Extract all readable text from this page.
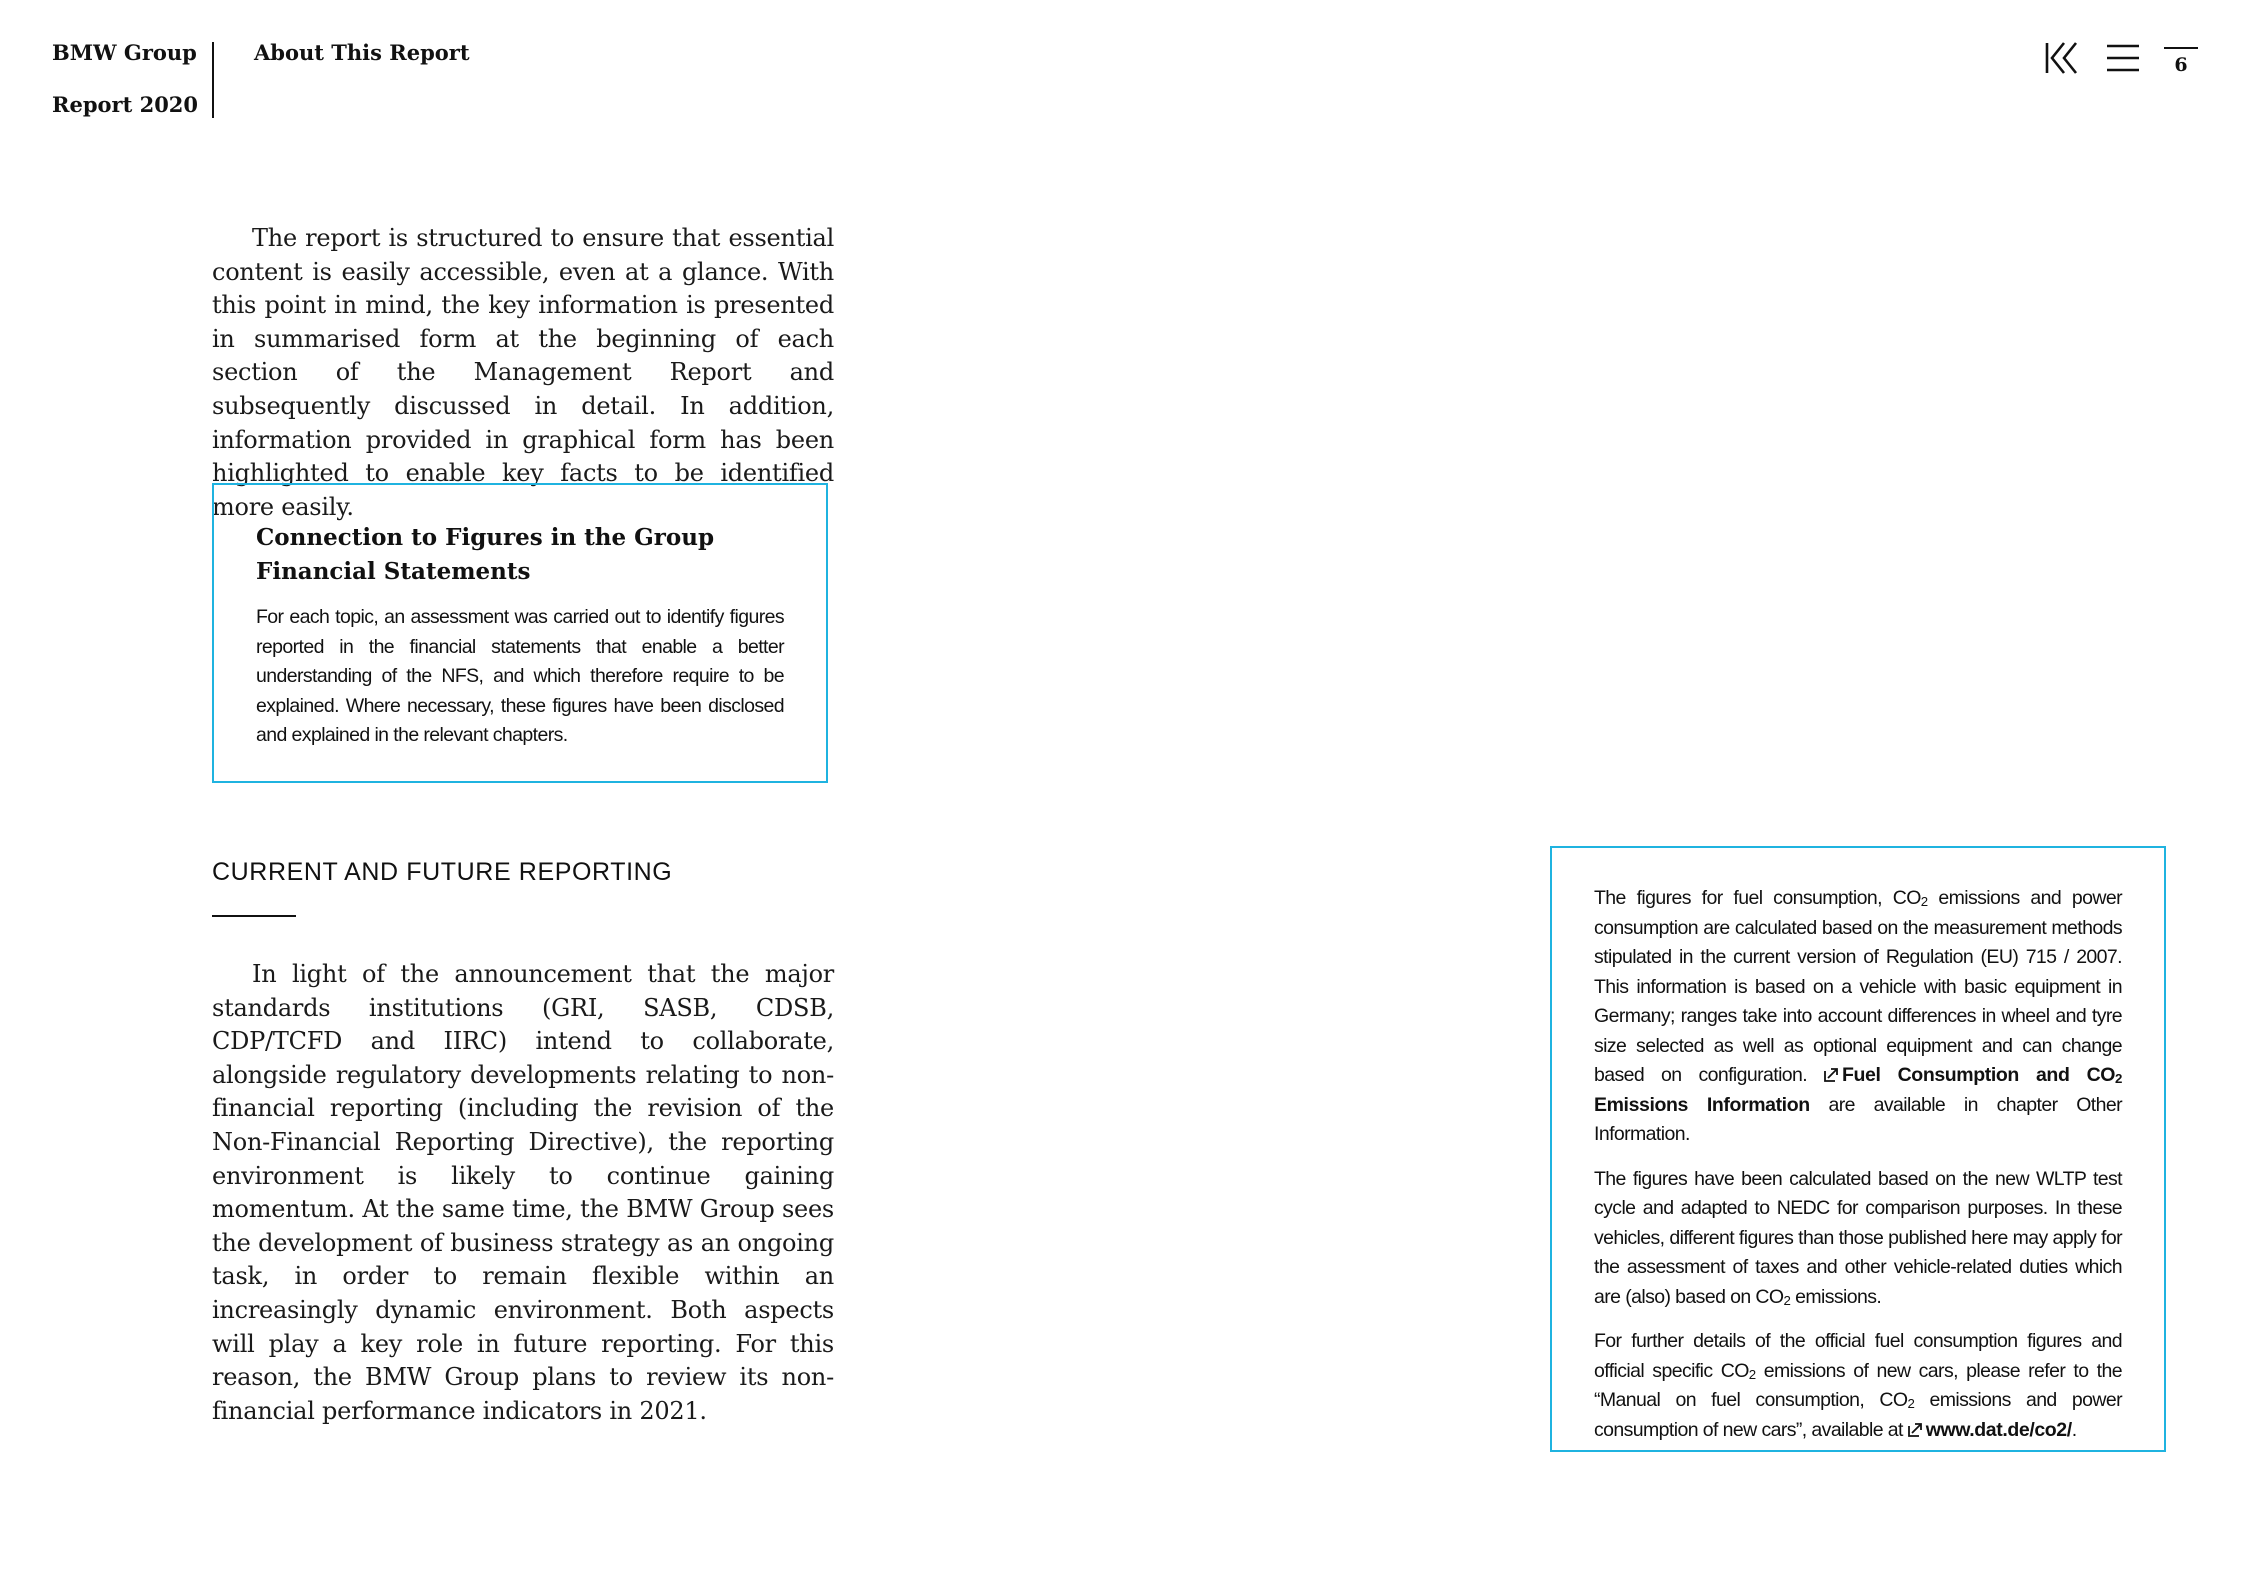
BMW Group
Report 2020
About This Report	6

The report is structured to ensure that essential content is easily accessible, even at a glance. With this point in mind, the key information is presented in summarised form at the beginning of each section of the Management Report and subsequently discussed in detail. In addition, information provided in graphical form has been highlighted to enable key facts to be identified more easily.

Connection to Figures in the Group Financial Statements

For each topic, an assessment was carried out to identify figures reported in the financial statements that enable a better understanding of the NFS, and which therefore require to be explained. Where necessary, these figures have been disclosed and explained in the relevant chapters.

CURRENT AND FUTURE REPORTING

In light of the announcement that the major standards institutions (GRI, SASB, CDSB, CDP/TCFD and IIRC) intend to collaborate, alongside regulatory developments relating to non-financial reporting (including the revision of the Non-Financial Reporting Directive), the reporting environment is likely to continue gaining momentum. At the same time, the BMW Group sees the development of business strategy as an ongoing task, in order to remain flexible within an increasingly dynamic environment. Both aspects will play a key role in future reporting. For this reason, the BMW Group plans to review its non-financial performance indicators in 2021.

The figures for fuel consumption, $CO_2$ emissions and power consumption are calculated based on the measurement methods stipulated in the current version of Regulation (EU) 715 / 2007. This information is based on a vehicle with basic equipment in Germany; ranges take into account differences in wheel and tyre size selected as well as optional equipment and can change based on configuration.
Fuel Consumption and $CO_2$ Emissions Information are available in chapter Other Information.

The figures have been calculated based on the new WLTP test cycle and adapted to NEDC for comparison purposes. In these vehicles, different figures than those published here may apply for the assessment of taxes and other vehicle-related duties which are (also) based on $CO_2$ emissions.

For further details of the official fuel consumption figures and official specific $CO_2$ emissions of new cars, please refer to the “Manual on fuel consumption, $CO_2$ emissions and power consumption of new cars”, available at
www.dat.de/co2/.
